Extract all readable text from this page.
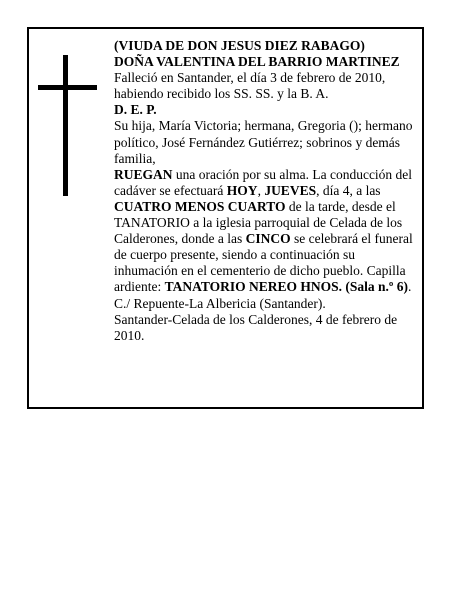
(VIUDA DE DON JESUS DIEZ RABAGO)

DOÑA VALENTINA DEL BARRIO MARTINEZ

Falleció en Santander, el día 3 de febrero de 2010, habiendo recibido los SS. SS. y la B. A.

D. E. P.

Su hija, María Victoria; hermana, Gregoria (); hermano político, José Fernández Gutiérrez; sobrinos y demás familia,

RUEGAN una oración por su alma. La conducción del cadáver se efectuará HOY, JUEVES, día 4, a las CUATRO MENOS CUARTO de la tarde, desde el TANATORIO a la iglesia parroquial de Celada de los Calderones, donde a las CINCO se celebrará el funeral de cuerpo presente, siendo a continuación su inhumación en el cementerio de dicho pueblo. Capilla ardiente: TANATORIO NEREO HNOS. (Sala n.º 6).

C./ Repuente-La Albericia (Santander).

Santander-Celada de los Calderones, 4 de febrero de 2010.
